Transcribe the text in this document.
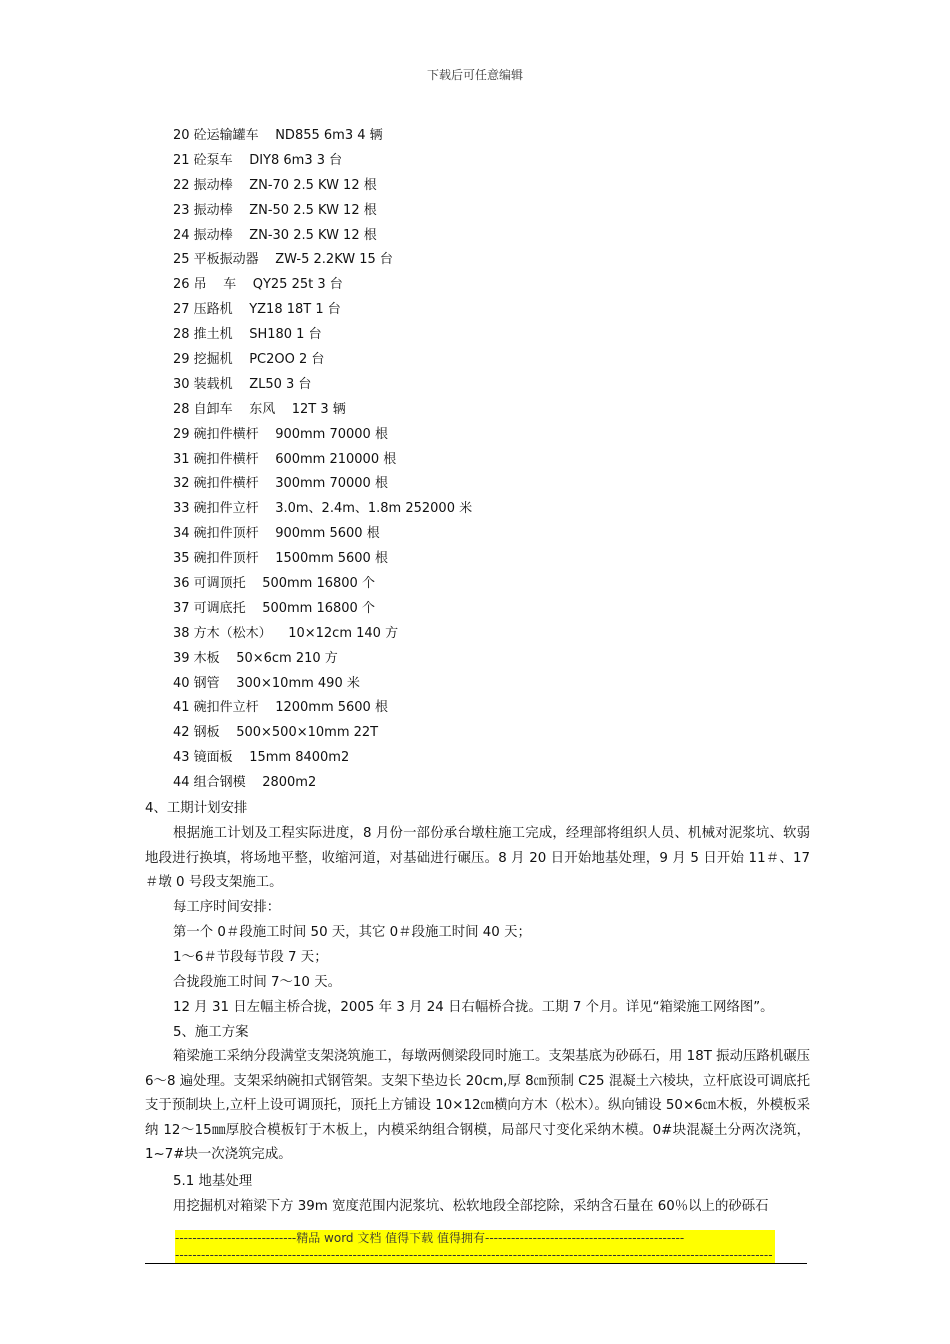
下载后可任意编辑
20 砼运输罐车    ND855 6m3 4 辆
21 砼泵车    DIY8 6m3 3 台
22 振动棒    ZN-70 2.5 KW 12 根
23 振动棒    ZN-50 2.5 KW 12 根
24 振动棒    ZN-30 2.5 KW 12 根
25 平板振动器    ZW-5 2.2KW 15 台
26 吊    车    QY25 25t 3 台
27 压路机    YZ18 18T 1 台
28 推土机    SH180 1 台
29 挖掘机    PC2OO 2 台
30 装载机    ZL50 3 台
28 自卸车    东风    12T 3 辆
29 碗扣件横杆    900mm 70000 根
31 碗扣件横杆    600mm 210000 根
32 碗扣件横杆    300mm 70000 根
33 碗扣件立杆    3.0m、2.4m、1.8m 252000 米
34 碗扣件顶杆    900mm 5600 根
35 碗扣件顶杆    1500mm 5600 根
36 可调顶托    500mm 16800 个
37 可调底托    500mm 16800 个
38 方木（松木）    10×12cm 140 方
39 木板    50×6cm 210 方
40 钢管    300×10mm 490 米
41 碗扣件立杆    1200mm 5600 根
42 钢板    500×500×10mm 22T
43 镜面板    15mm 8400m2
44 组合钢模    2800m2
4、工期计划安排
根据施工计划及工程实际进度，8 月份一部份承台墩柱施工完成，经理部将组织人员、机械对泥浆坑、软弱地段进行换填，将场地平整，收缩河道，对基础进行碾压。8 月 20 日开始地基处理，9 月 5 日开始 11＃、17＃墩 0 号段支架施工。
每工序时间安排：
第一个 0＃段施工时间 50 天，其它 0＃段施工时间 40 天；
1～6＃节段每节段 7 天；
合拢段施工时间 7～10 天。
12 月 31 日左幅主桥合拢，2005 年 3 月 24 日右幅桥合拢。工期 7 个月。详见“箱梁施工网络图”。
5、施工方案
箱梁施工采纳分段满堂支架浇筑施工，每墩两侧梁段同时施工。支架基底为砂砾石，用 18T 振动压路机碾压 6～8 遍处理。支架采纳碗扣式钢管架。支架下垫边长 20cm,厚 8㎝预制 C25 混凝土六棱块，立杆底设可调底托支于预制块上,立杆上设可调顶托，顶托上方铺设 10×12㎝横向方木（松木）。纵向铺设 50×6㎝木板，外模板采纳 12～15㎜厚胶合模板钉于木板上，内模采纳组合钢模，局部尺寸变化采纳木模。0#块混凝土分两次浇筑，1~7#块一次浇筑完成。
5.1 地基处理
用挖掘机对箱梁下方 39m 宽度范围内泥浆坑、松软地段全部挖除，采纳含石量在 60％以上的砂砾石
----------------------------精品 word 文档 值得下载 值得拥有----------------------------------------------
------------------------------------------------------------------------------------------------------------------------------------------
